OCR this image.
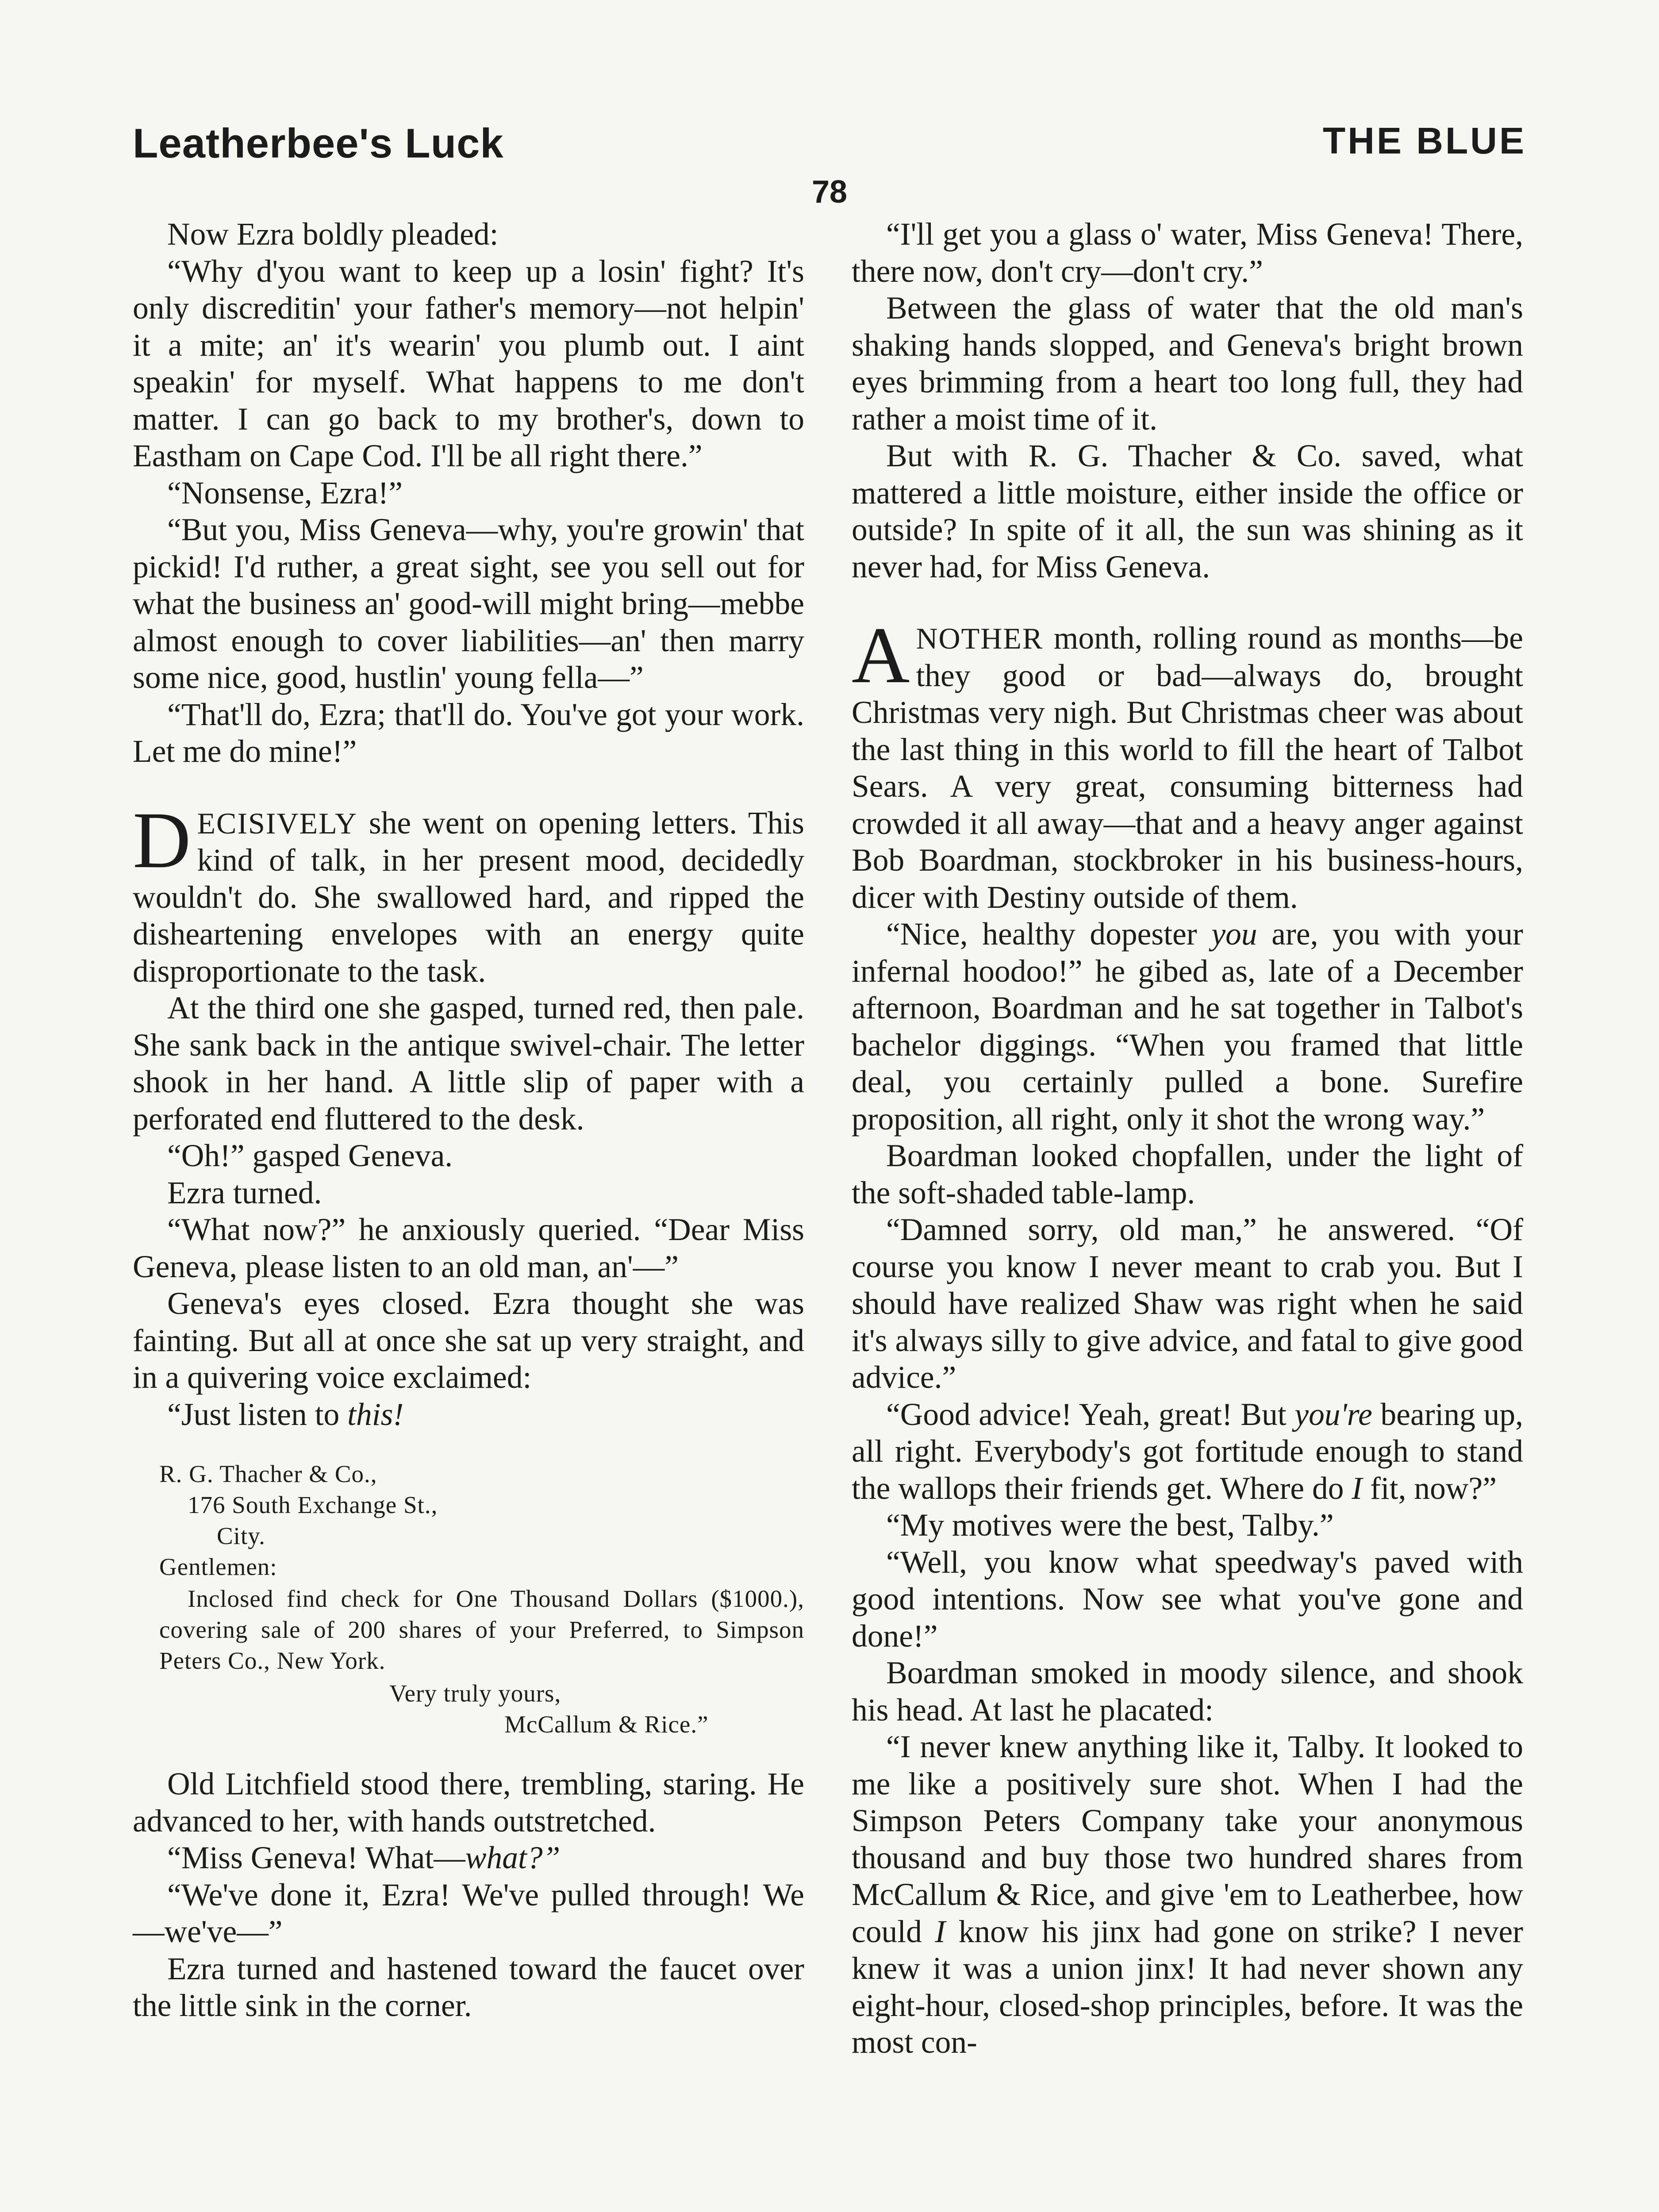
Leatherbee's Luck	THE BLUE
78

Now Ezra boldly pleaded:

“Why d'you want to keep up a losin' fight? It's only discreditin' your father's memory—not helpin' it a mite; an' it's wearin' you plumb out. I aint speakin' for myself. What happens to me don't matter. I can go back to my brother's, down to Eastham on Cape Cod. I'll be all right there.”

“Nonsense, Ezra!”

“But you, Miss Geneva—why, you're growin' that pickid! I'd ruther, a great sight, see you sell out for what the business an' good-will might bring—mebbe almost enough to cover liabilities—an' then marry some nice, good, hustlin' young fella—”

“That'll do, Ezra; that'll do. You've got your work. Let me do mine!”

DECISIVELY she went on opening letters. This kind of talk, in her present mood, decidedly wouldn't do. She swallowed hard, and ripped the disheartening envelopes with an energy quite disproportionate to the task.

At the third one she gasped, turned red, then pale. She sank back in the antique swivel-chair. The letter shook in her hand. A little slip of paper with a perforated end fluttered to the desk.

“Oh!” gasped Geneva.

Ezra turned.

“What now?” he anxiously queried. “Dear Miss Geneva, please listen to an old man, an'—”

Geneva's eyes closed. Ezra thought she was fainting. But all at once she sat up very straight, and in a quivering voice exclaimed:

“Just listen to this!

R. G. Thacher & Co.,
176 South Exchange St.,
City.
Gentlemen:
Inclosed find check for One Thousand Dollars ($1000.), covering sale of 200 shares of your Preferred, to Simpson Peters Co., New York.
Very truly yours,
McCallum & Rice.”

Old Litchfield stood there, trembling, staring. He advanced to her, with hands outstretched.

“Miss Geneva! What—what?”

“We've done it, Ezra! We've pulled through! We—we've—”

Ezra turned and hastened toward the faucet over the little sink in the corner.

“I'll get you a glass o' water, Miss Geneva! There, there now, don't cry—don't cry.”

Between the glass of water that the old man's shaking hands slopped, and Geneva's bright brown eyes brimming from a heart too long full, they had rather a moist time of it.

But with R. G. Thacher & Co. saved, what mattered a little moisture, either inside the office or outside? In spite of it all, the sun was shining as it never had, for Miss Geneva.

ANOTHER month, rolling round as months—be they good or bad—always do, brought Christmas very nigh. But Christmas cheer was about the last thing in this world to fill the heart of Talbot Sears. A very great, consuming bitterness had crowded it all away—that and a heavy anger against Bob Boardman, stockbroker in his business-hours, dicer with Destiny outside of them.

“Nice, healthy dopester you are, you with your infernal hoodoo!” he gibed as, late of a December afternoon, Boardman and he sat together in Talbot's bachelor diggings. “When you framed that little deal, you certainly pulled a bone. Surefire proposition, all right, only it shot the wrong way.”

Boardman looked chopfallen, under the light of the soft-shaded table-lamp.

“Damned sorry, old man,” he answered. “Of course you know I never meant to crab you. But I should have realized Shaw was right when he said it's always silly to give advice, and fatal to give good advice.”

“Good advice! Yeah, great! But you're bearing up, all right. Everybody's got fortitude enough to stand the wallops their friends get. Where do I fit, now?”

“My motives were the best, Talby.”

“Well, you know what speedway's paved with good intentions. Now see what you've gone and done!”

Boardman smoked in moody silence, and shook his head. At last he placated:

“I never knew anything like it, Talby. It looked to me like a positively sure shot. When I had the Simpson Peters Company take your anonymous thousand and buy those two hundred shares from McCallum & Rice, and give 'em to Leatherbee, how could I know his jinx had gone on strike? I never knew it was a union jinx! It had never shown any eight-hour, closed-shop principles, before. It was the most con-
